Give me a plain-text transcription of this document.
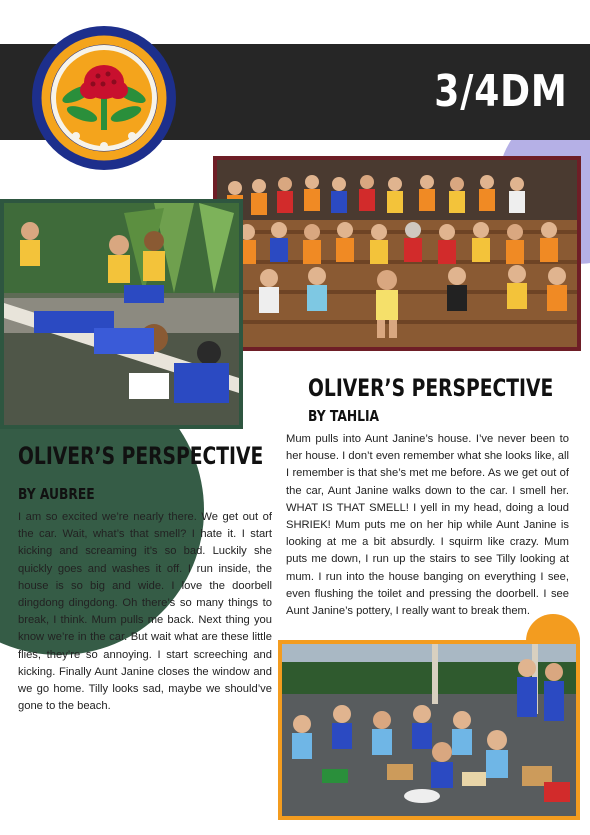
3/4DM
OLIVER’S PERSPECTIVE
BY AUBREE

I am so excited we’re nearly there. We get out of the car. Wait, what’s that smell? I hate it. I start kicking and screaming it’s so bad. Luckily she quickly goes and washes it off. I run inside, the house is so big and wide. I love the doorbell dingdong dingdong. Oh there’s so many things to break, I think. Mum pulls me back. Next thing you know we’re in the car. But wait what are these little flies, they’re so annoying. I start screeching and kicking. Finally Aunt Janine closes the window and we go home. Tilly looks sad, maybe we should’ve gone to the beach.

OLIVER’S PERSPECTIVE
BY TAHLIA

Mum pulls into Aunt Janine’s house. I’ve never been to her house. I don’t even remember what she looks like, all I remember is that she’s met me before. As we get out of the car, Aunt Janine walks down to the car. I smell her. WHAT IS THAT SMELL! I yell in my head, doing a loud SHRIEK! Mum puts me on her hip while Aunt Janine is looking at me a bit absurdly. I squirm like crazy. Mum puts me down, I run up the stairs to see Tilly looking at mum. I run into the house banging on everything I see, even flushing the toilet and pressing the doorbell. I see Aunt Janine’s pottery, I really want to break them.
